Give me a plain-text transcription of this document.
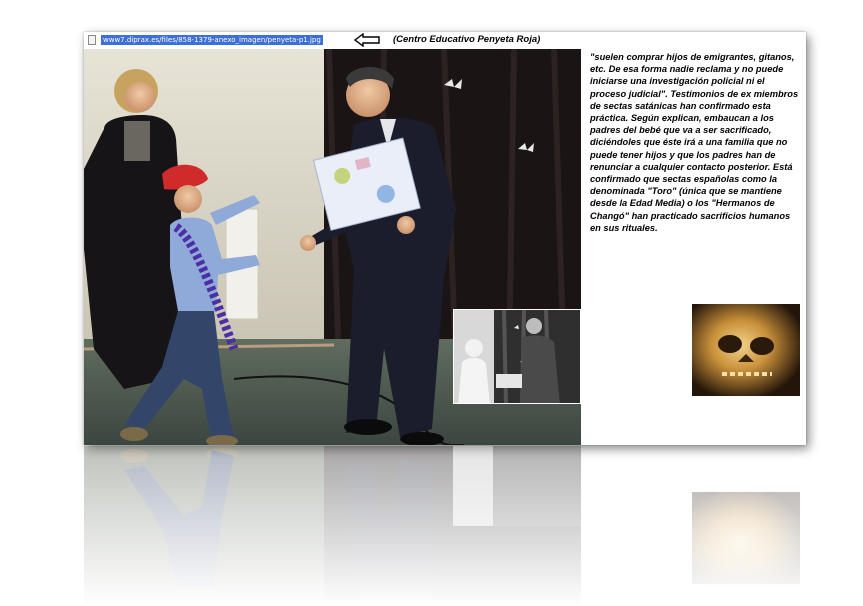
www7.diprax.es/files/858-1379-anexo_imagen/penyeta-p1.jpg	(Centro Educativo Penyeta Roja)

"suelen comprar hijos de emigrantes, gitanos, etc. De esa forma nadie reclama y no puede iniciarse una investigación policial ni el proceso judicial". Testimonios de ex miembros de sectas satánicas han confirmado esta práctica. Según explican, embaucan a los padres del bebé que va a ser sacrificado, diciéndoles que éste irá a una familia que no puede tener hijos y que los padres han de renunciar a cualquier contacto posterior. Está confirmado que sectas españolas como la denominada "Toro" (única que se mantiene desde la Edad Media) o los "Hermanos de Changó" han practicado sacrificios humanos en sus rituales.
